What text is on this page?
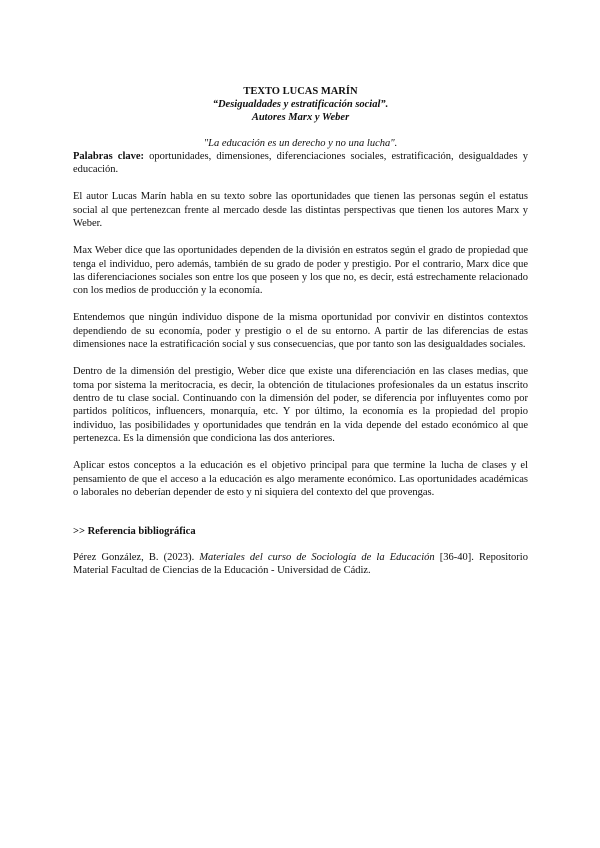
TEXTO LUCAS MARÍN
“Desigualdades y estratificación social”.
Autores Marx y Weber
"La educación es un derecho y no una lucha".

Palabras clave: oportunidades, dimensiones, diferenciaciones sociales, estratificación, desigualdades y educación.

El autor Lucas Marín habla en su texto sobre las oportunidades que tienen las personas según el estatus social al que pertenezcan frente al mercado desde las distintas perspectivas que tienen los autores Marx y Weber.

Max Weber dice que las oportunidades dependen de la división en estratos según el grado de propiedad que tenga el individuo, pero además, también de su grado de poder y prestigio. Por el contrario, Marx dice que las diferenciaciones sociales son entre los que poseen y los que no, es decir, está estrechamente relacionado con los medios de producción y la economía.

Entendemos que ningún individuo dispone de la misma oportunidad por convivir en distintos contextos dependiendo de su economía, poder y prestigio o el de su entorno. A partir de las diferencias de estas dimensiones nace la estratificación social y sus consecuencias, que por tanto son las desigualdades sociales.

Dentro de la dimensión del prestigio, Weber dice que existe una diferenciación en las clases medias, que toma por sistema la meritocracia, es decir, la obtención de titulaciones profesionales da un estatus inscrito dentro de tu clase social. Continuando con la dimensión del poder, se diferencia por influyentes como por partidos políticos, influencers, monarquía, etc. Y por último, la economía es la propiedad del propio individuo, las posibilidades y oportunidades que tendrán en la vida depende del estado económico al que pertenezca. Es la dimensión que condiciona las dos anteriores.

Aplicar estos conceptos a la educación es el objetivo principal para que termine la lucha de clases y el pensamiento de que el acceso a la educación es algo meramente económico. Las oportunidades académicas o laborales no deberían depender de esto y ni siquiera del contexto del que provengas.

>> Referencia bibliográfica
Pérez González, B. (2023). Materiales del curso de Sociología de la Educación [36-40]. Repositorio Material Facultad de Ciencias de la Educación - Universidad de Cádiz.
